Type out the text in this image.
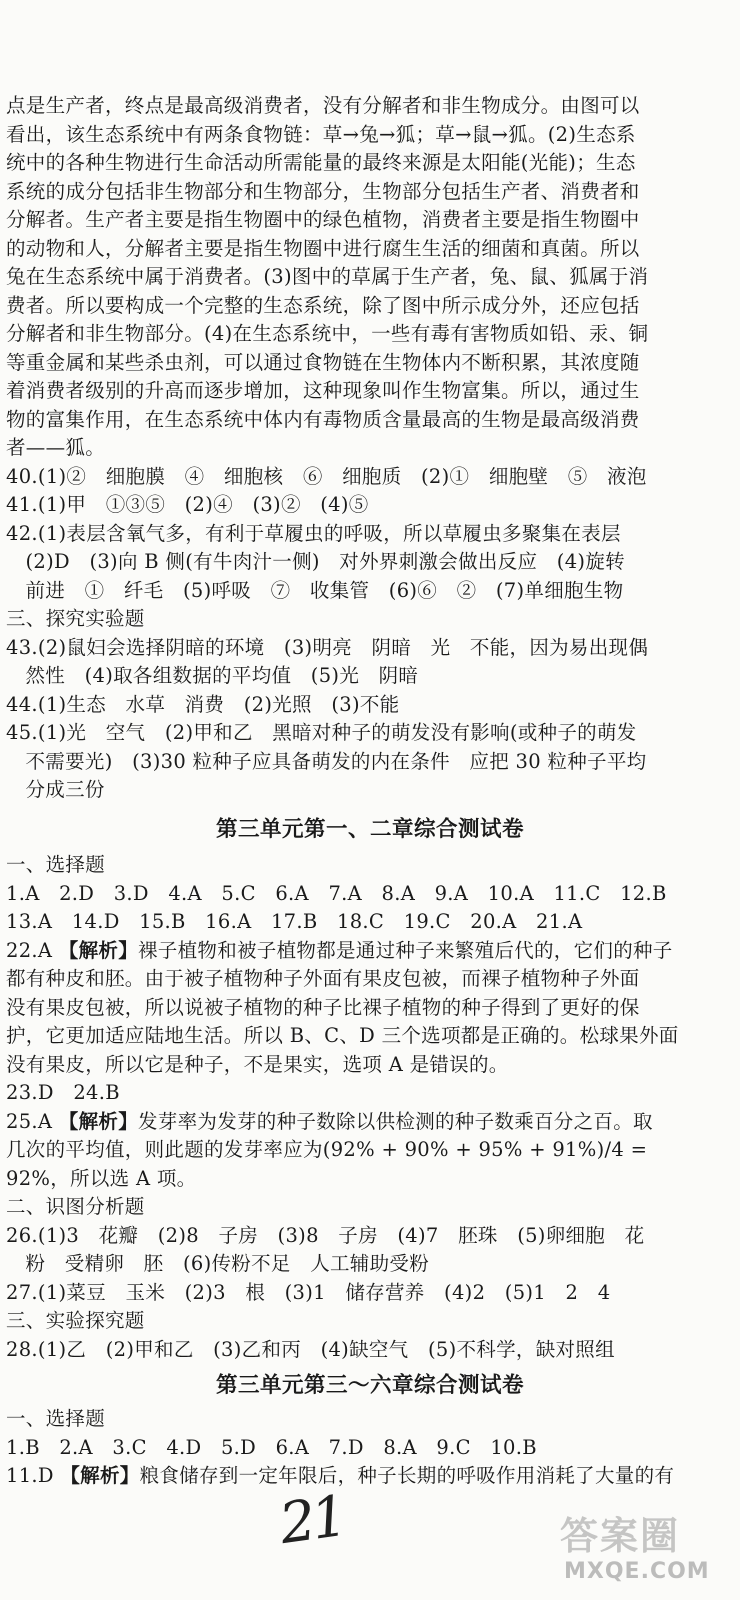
点是生产者，终点是最高级消费者，没有分解者和非生物成分。由图可以
看出，该生态系统中有两条食物链：草→兔→狐；草→鼠→狐。(2)生态系
统中的各种生物进行生命活动所需能量的最终来源是太阳能(光能)；生态
系统的成分包括非生物部分和生物部分，生物部分包括生产者、消费者和
分解者。生产者主要是指生物圈中的绿色植物，消费者主要是指生物圈中
的动物和人，分解者主要是指生物圈中进行腐生生活的细菌和真菌。所以
兔在生态系统中属于消费者。(3)图中的草属于生产者，兔、鼠、狐属于消
费者。所以要构成一个完整的生态系统，除了图中所示成分外，还应包括
分解者和非生物部分。(4)在生态系统中，一些有毒有害物质如铅、汞、铜
等重金属和某些杀虫剂，可以通过食物链在生物体内不断积累，其浓度随
着消费者级别的升高而逐步增加，这种现象叫作生物富集。所以，通过生
物的富集作用，在生态系统中体内有毒物质含量最高的生物是最高级消费
者——狐。
40.(1)②   细胞膜   ④   细胞核   ⑥   细胞质   (2)①   细胞壁   ⑤   液泡
41.(1)甲   ①③⑤   (2)④   (3)②   (4)⑤
42.(1)表层含氧气多，有利于草履虫的呼吸，所以草履虫多聚集在表层
(2)D   (3)向 B 侧(有牛肉汁一侧)   对外界刺激会做出反应   (4)旋转
前进   ①   纤毛   (5)呼吸   ⑦   收集管   (6)⑥   ②   (7)单细胞生物
三、探究实验题
43.(2)鼠妇会选择阴暗的环境   (3)明亮   阴暗   光   不能，因为易出现偶
然性   (4)取各组数据的平均值   (5)光   阴暗
44.(1)生态   水草   消费   (2)光照   (3)不能
45.(1)光   空气   (2)甲和乙   黑暗对种子的萌发没有影响(或种子的萌发
不需要光)   (3)30 粒种子应具备萌发的内在条件   应把 30 粒种子平均
分成三份
第三单元第一、二章综合测试卷
一、选择题
1.A   2.D   3.D   4.A   5.C   6.A   7.A   8.A   9.A   10.A   11.C   12.B
13.A   14.D   15.B   16.A   17.B   18.C   19.C   20.A   21.A
22.A 【解析】裸子植物和被子植物都是通过种子来繁殖后代的，它们的种子
都有种皮和胚。由于被子植物种子外面有果皮包被，而裸子植物种子外面
没有果皮包被，所以说被子植物的种子比裸子植物的种子得到了更好的保
护，它更加适应陆地生活。所以 B、C、D 三个选项都是正确的。松球果外面
没有果皮，所以它是种子，不是果实，选项 A 是错误的。
23.D   24.B
25.A 【解析】发芽率为发芽的种子数除以供检测的种子数乘百分之百。取
几次的平均值，则此题的发芽率应为(92% + 90% + 95% + 91%)/4 =
92%，所以选 A 项。
二、识图分析题
26.(1)3   花瓣   (2)8   子房   (3)8   子房   (4)7   胚珠   (5)卵细胞   花
粉   受精卵   胚   (6)传粉不足   人工辅助受粉
27.(1)菜豆   玉米   (2)3   根   (3)1   储存营养   (4)2   (5)1   2   4
三、实验探究题
28.(1)乙   (2)甲和乙   (3)乙和丙   (4)缺空气   (5)不科学，缺对照组
第三单元第三～六章综合测试卷
一、选择题
1.B   2.A   3.C   4.D   5.D   6.A   7.D   8.A   9.C   10.B
11.D 【解析】粮食储存到一定年限后，种子长期的呼吸作用消耗了大量的有
21	答案圈
MXQE.COM
